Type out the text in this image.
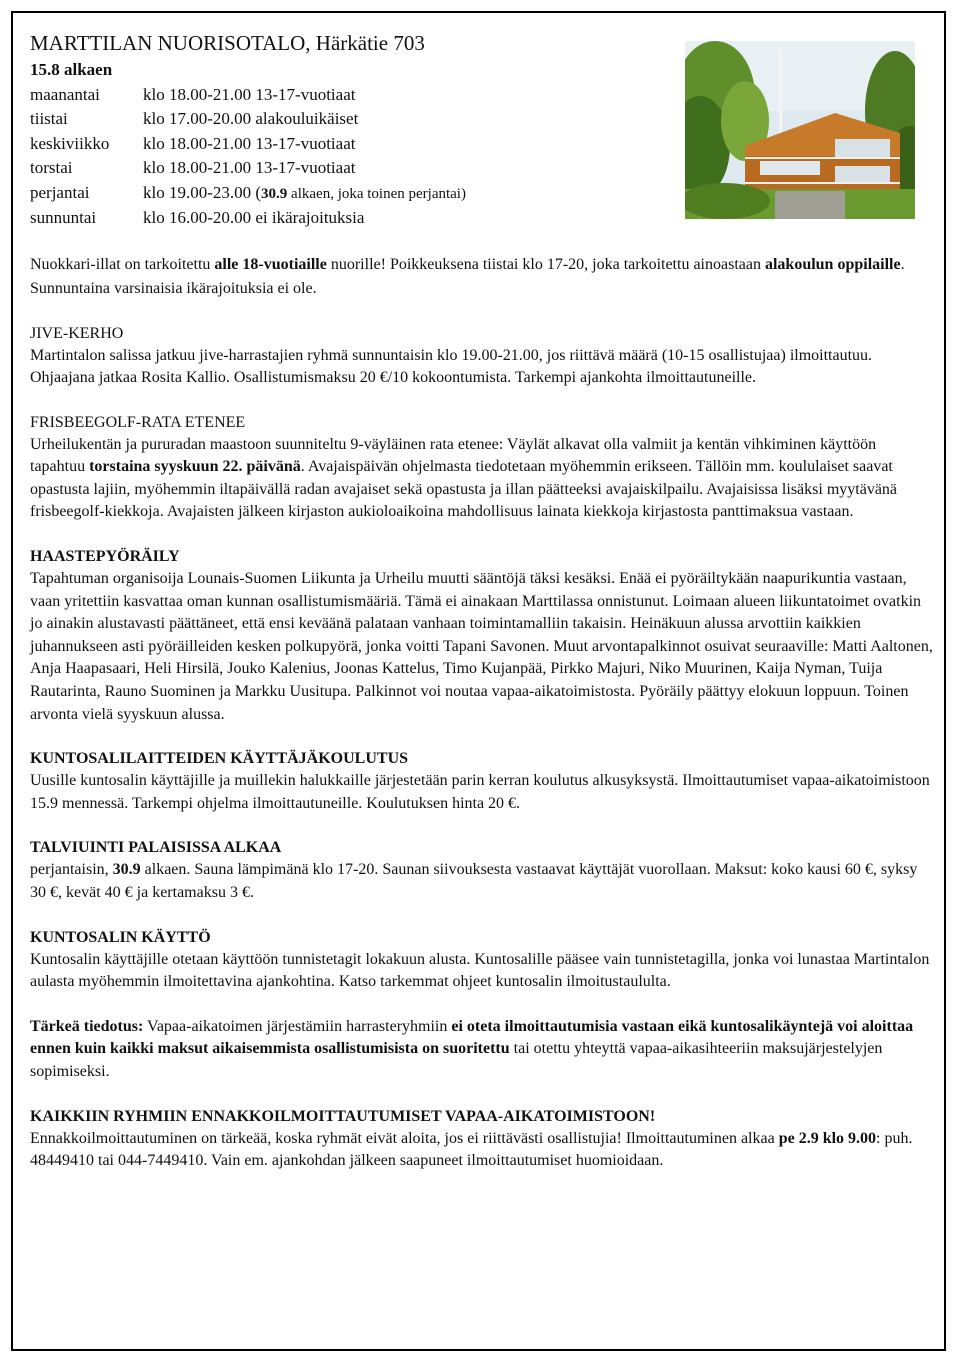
MARTTILAN NUORISOTALO, Härkätie 703
15.8 alkaen
maanantai	klo 18.00-21.00 13-17-vuotiaat
tiistai	klo 17.00-20.00 alakouluikäiset
keskiviikko	klo 18.00-21.00 13-17-vuotiaat
torstai	klo 18.00-21.00 13-17-vuotiaat
perjantai	klo 19.00-23.00 (30.9 alkaen, joka toinen perjantai)
sunnuntai	klo 16.00-20.00 ei ikärajoituksia

Nuokkari-illat on tarkoitettu alle 18-vuotiaille nuorille! Poikkeuksena tiistai klo 17-20, joka tarkoitettu ainoastaan alakoulun oppilaille. Sunnuntaina varsinaisia ikärajoituksia ei ole.

JIVE-KERHO

Martintalon salissa jatkuu jive-harrastajien ryhmä sunnuntaisin klo 19.00-21.00, jos riittävä määrä (10-15 osallistujaa) ilmoittautuu. Ohjaajana jatkaa Rosita Kallio. Osallistumismaksu 20 €/10 kokoontumista. Tarkempi ajankohta ilmoittautuneille.

FRISBEEGOLF-RATA ETENEE

Urheilukentän ja pururadan maastoon suunniteltu 9-väyläinen rata etenee: Väylät alkavat olla valmiit ja kentän vihkiminen käyttöön tapahtuu torstaina syyskuun 22. päivänä. Avajaispäivän ohjelmasta tiedotetaan myöhemmin erikseen. Tällöin mm. koululaiset saavat opastusta lajiin, myöhemmin iltapäivällä radan avajaiset sekä opastusta ja illan päätteeksi avajaiskilpailu. Avajaisissa lisäksi myytävänä frisbeegolf-kiekkoja. Avajaisten jälkeen kirjaston aukioloaikoina mahdollisuus lainata kiekkoja kirjastosta panttimaksua vastaan.

HAASTEPYÖRÄILY

Tapahtuman organisoija Lounais-Suomen Liikunta ja Urheilu muutti sääntöjä täksi kesäksi. Enää ei pyöräiltykään naapurikuntia vastaan, vaan yritettiin kasvattaa oman kunnan osallistumismääriä. Tämä ei ainakaan Marttilassa onnistunut. Loimaan alueen liikuntatoimet ovatkin jo ainakin alustavasti päättäneet, että ensi keväänä palataan vanhaan toimintamalliin takaisin. Heinäkuun alussa arvottiin kaikkien juhannukseen asti pyöräilleiden kesken polkupyörä, jonka voitti Tapani Savonen. Muut arvontapalkinnot osuivat seuraaville: Matti Aaltonen, Anja Haapasaari, Heli Hirsilä, Jouko Kalenius, Joonas Kattelus, Timo Kujanpää, Pirkko Majuri, Niko Muurinen, Kaija Nyman, Tuija Rautarinta, Rauno Suominen ja Markku Uusitupa. Palkinnot voi noutaa vapaa-aikatoimistosta. Pyöräily päättyy elokuun loppuun. Toinen arvonta vielä syyskuun alussa.

KUNTOSALILAITTEIDEN KÄYTTÄJÄKOULUTUS

Uusille kuntosalin käyttäjille ja muillekin halukkaille järjestetään parin kerran koulutus alkusyksystä. Ilmoittautumiset vapaa-aikatoimistoon 15.9 mennessä. Tarkempi ohjelma ilmoittautuneille. Koulutuksen hinta 20 €.

TALVIUINTI PALAISISSA ALKAA

perjantaisin, 30.9 alkaen. Sauna lämpimänä klo 17-20. Saunan siivouksesta vastaavat käyttäjät vuorollaan. Maksut: koko kausi 60 €, syksy 30 €, kevät 40 € ja kertamaksu 3 €.

KUNTOSALIN KÄYTTÖ

Kuntosalin käyttäjille otetaan käyttöön tunnistetagit lokakuun alusta. Kuntosalille pääsee vain tunnistetagilla, jonka voi lunastaa Martintalon aulasta myöhemmin ilmoitettavina ajankohtina. Katso tarkemmat ohjeet kuntosalin ilmoitustaululta.

Tärkeä tiedotus: Vapaa-aikatoimen järjestämiin harrasteryhmiin ei oteta ilmoittautumisia vastaan eikä kuntosalikäyntejä voi aloittaa ennen kuin kaikki maksut aikaisemmista osallistumisista on suoritettu tai otettu yhteyttä vapaa-aikasihteeriin maksujärjestelyjen sopimiseksi.

KAIKKIIN RYHMIIN ENNAKKOILMOITTAUTUMISET VAPAA-AIKATOIMISTOON!

Ennakkoilmoittautuminen on tärkeää, koska ryhmät eivät aloita, jos ei riittävästi osallistujia! Ilmoittautuminen alkaa pe 2.9 klo 9.00: puh. 48449410 tai 044-7449410. Vain em. ajankohdan jälkeen saapuneet ilmoittautumiset huomioidaan.
